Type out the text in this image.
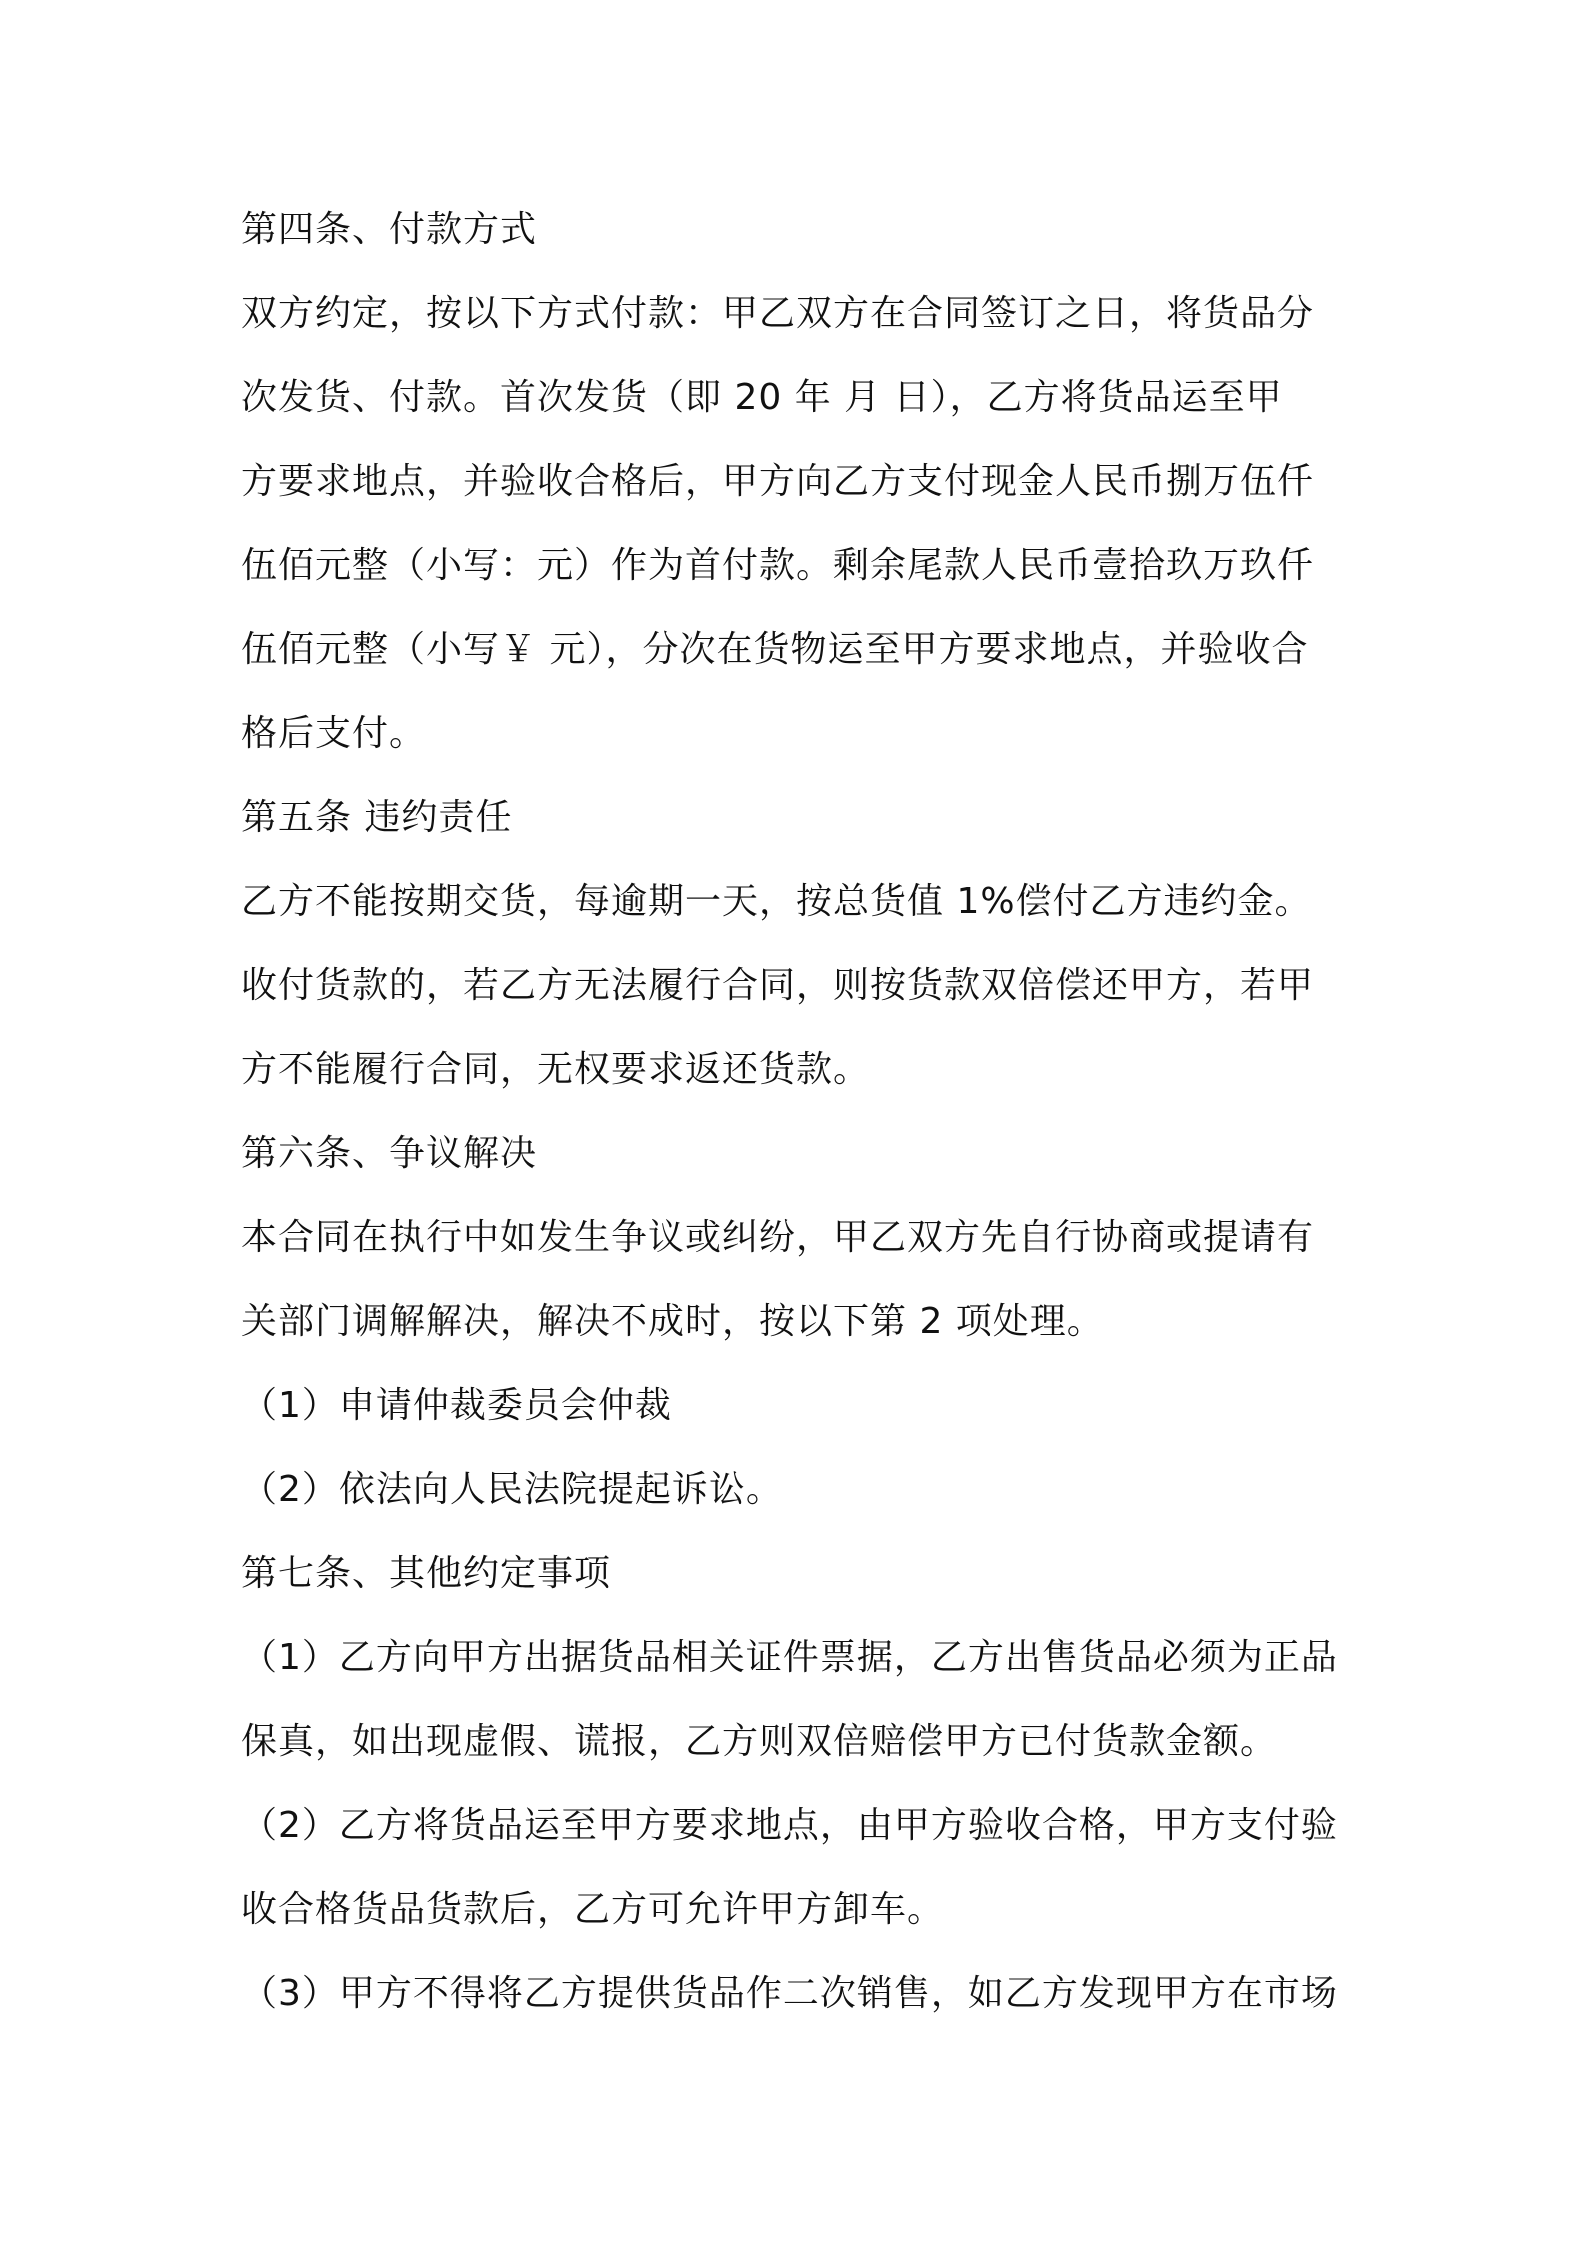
第四条、付款方式
双方约定，按以下方式付款：甲乙双方在合同签订之日，将货品分
次发货、付款。首次发货（即 20 年 月 日），乙方将货品运至甲
方要求地点，并验收合格后，甲方向乙方支付现金人民币捌万伍仟
伍佰元整（小写：元）作为首付款。剩余尾款人民币壹拾玖万玖仟
伍佰元整（小写￥ 元），分次在货物运至甲方要求地点，并验收合
格后支付。
第五条 违约责任
乙方不能按期交货，每逾期一天，按总货值 1%偿付乙方违约金。
收付货款的，若乙方无法履行合同，则按货款双倍偿还甲方，若甲
方不能履行合同，无权要求返还货款。
第六条、争议解决
本合同在执行中如发生争议或纠纷，甲乙双方先自行协商或提请有
关部门调解解决，解决不成时，按以下第 2 项处理。
（1）申请仲裁委员会仲裁
（2）依法向人民法院提起诉讼。
第七条、其他约定事项
（1）乙方向甲方出据货品相关证件票据，乙方出售货品必须为正品
保真，如出现虚假、谎报，乙方则双倍赔偿甲方已付货款金额。
（2）乙方将货品运至甲方要求地点，由甲方验收合格，甲方支付验
收合格货品货款后，乙方可允许甲方卸车。
（3）甲方不得将乙方提供货品作二次销售，如乙方发现甲方在市场
